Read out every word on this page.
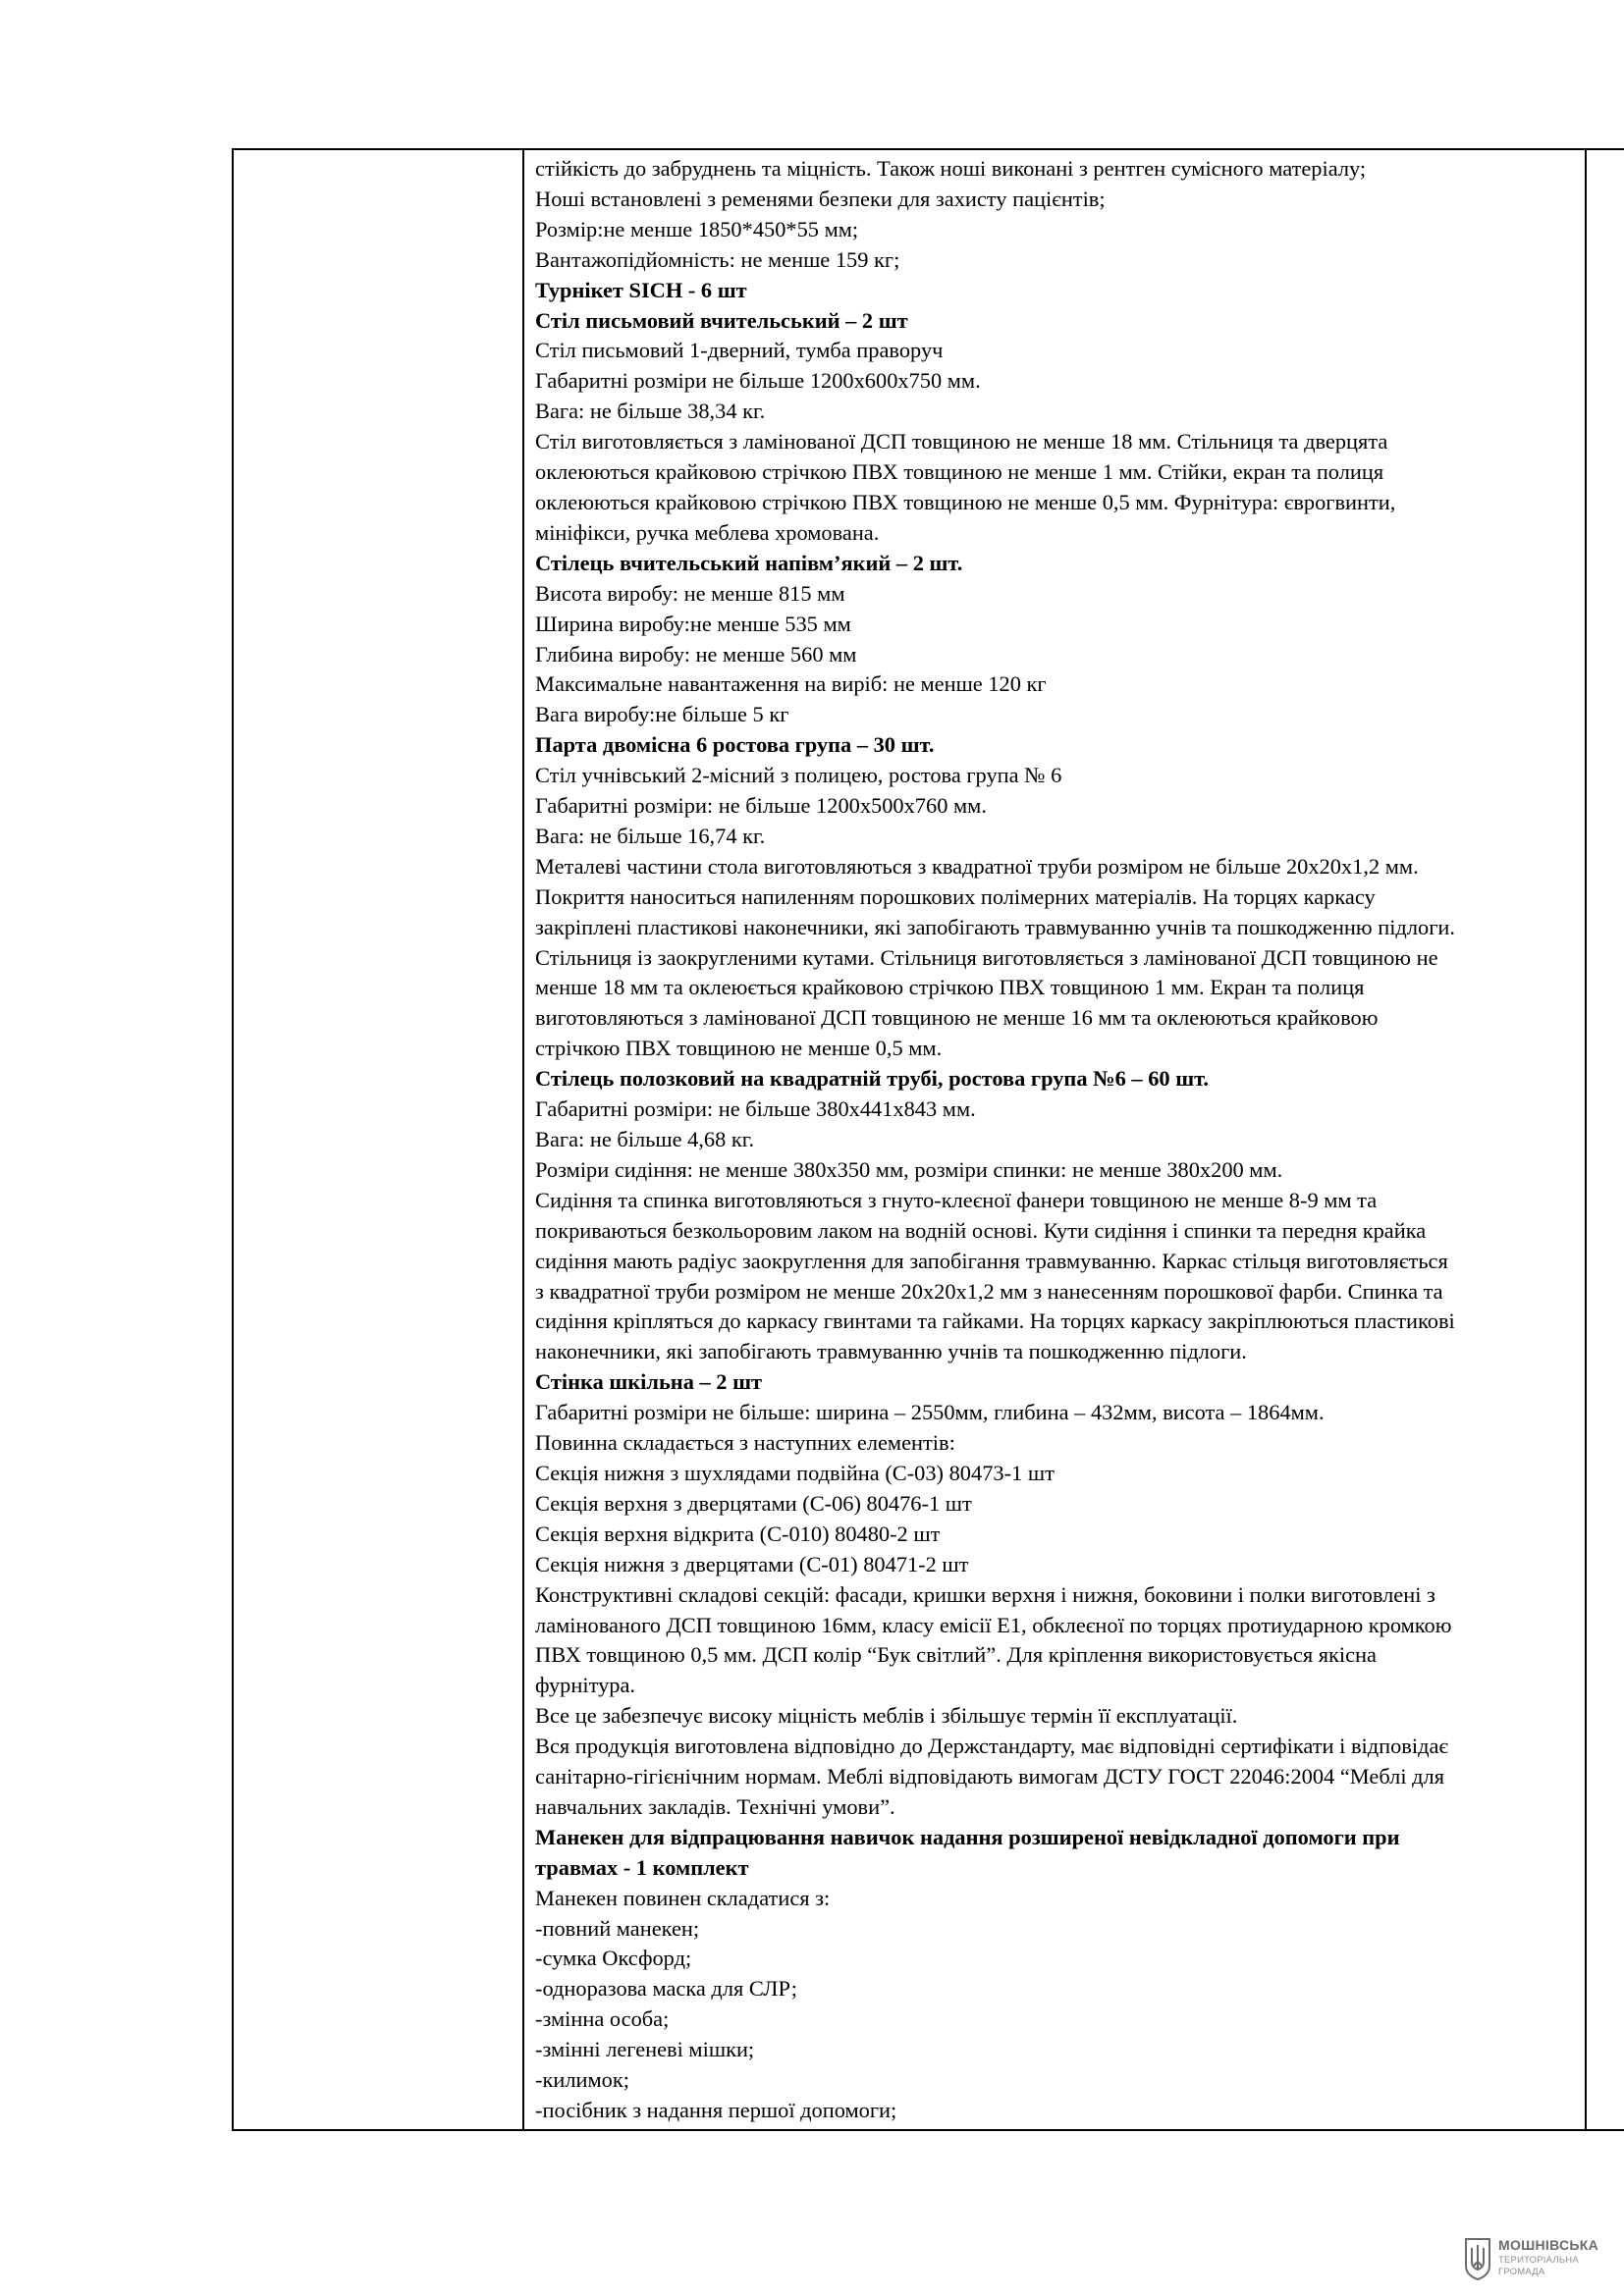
стійкість до забруднень та міцність. Також ноші виконані з рентген сумісного матеріалу;
Ноші встановлені з ременями безпеки для захисту пацієнтів;
Розмір:не менше 1850*450*55 мм;
Вантажопідйомність: не менше 159 кг;
Турнікет SICH - 6 шт
Стіл письмовий вчительський – 2 шт
Стіл письмовий 1-дверний, тумба праворуч
Габаритні розміри не більше 1200х600х750 мм.
Вага: не більше 38,34 кг.
Стіл виготовляється з ламінованої ДСП товщиною не менше 18 мм. Стільниця та дверцята
оклеюються крайковою стрічкою ПВХ товщиною не менше 1 мм. Стійки, екран та полиця
оклеюються крайковою стрічкою ПВХ товщиною не менше 0,5 мм. Фурнітура: єврогвинти,
мініфікси, ручка меблева хромована.
Стілець вчительський напівм’який – 2 шт.
Висота виробу: не менше 815 мм
Ширина виробу:не менше 535 мм
Глибина виробу: не менше 560 мм
Максимальне навантаження на виріб: не менше 120 кг
Вага виробу:не більше 5 кг
Парта двомісна 6 ростова група – 30 шт.
Стіл учнівський 2-місний з полицею, ростова група № 6
Габаритні розміри: не більше 1200х500х760 мм.
Вага: не більше 16,74 кг.
Металеві частини стола виготовляються з квадратної труби розміром не більше 20х20х1,2 мм.
Покриття наноситься напиленням порошкових полімерних матеріалів. На торцях каркасу
закріплені пластикові наконечники, які запобігають травмуванню учнів та пошкодженню підлоги.
Стільниця із заокругленими кутами. Стільниця виготовляється з ламінованої ДСП товщиною не
менше 18 мм та оклеюється крайковою стрічкою ПВХ товщиною 1 мм. Екран та полиця
виготовляються з ламінованої ДСП товщиною не менше 16 мм та оклеюються крайковою
стрічкою ПВХ товщиною не менше 0,5 мм.
Стілець полозковий на квадратній трубі, ростова група №6 – 60 шт.
Габаритні розміри: не більше 380х441х843 мм.
Вага: не більше 4,68 кг.
Розміри сидіння: не менше 380х350 мм, розміри спинки: не менше 380х200 мм.
Сидіння та спинка виготовляються з гнуто-клеєної фанери товщиною не менше 8-9 мм та
покриваються безкольоровим лаком на водній основі. Кути сидіння і спинки та передня крайка
сидіння мають радіус заокруглення для запобігання травмуванню. Каркас стільця виготовляється
з квадратної труби розміром не менше 20х20х1,2 мм з нанесенням порошкової фарби. Спинка та
сидіння кріпляться до каркасу гвинтами та гайками. На торцях каркасу закріплюються пластикові
наконечники, які запобігають травмуванню учнів та пошкодженню підлоги.
Стінка шкільна – 2 шт
Габаритні розміри не більше: ширина – 2550мм, глибина – 432мм, висота – 1864мм.
Повинна складається з наступних елементів:
Секція нижня з шухлядами подвійна (С-03) 80473-1 шт
Секція верхня з дверцятами (С-06) 80476-1 шт
Секція верхня відкрита (С-010) 80480-2 шт
Секція нижня з дверцятами (С-01) 80471-2 шт
Конструктивні складові секцій: фасади, кришки верхня і нижня, боковини і полки виготовлені з
ламінованого ДСП товщиною 16мм, класу емісії Е1, обклеєної по торцях протиударною кромкою
ПВХ товщиною 0,5 мм. ДСП колір “Бук світлий”. Для кріплення використовується якісна
фурнітура.
Все це забезпечує високу міцність меблів і збільшує термін її експлуатації.
Вся продукція виготовлена відповідно до Держстандарту, має відповідні сертифікати і відповідає
санітарно-гігієнічним нормам. Меблі відповідають вимогам ДСТУ ГОСТ 22046:2004 “Меблі для
навчальних закладів. Технічні умови”.
Манекен для відпрацювання навичок надання розширеної невідкладної допомоги при
травмах - 1 комплект
Манекен повинен складатися з:
-повний манекен;
-сумка Оксфорд;
-одноразова маска для СЛР;
-змінна особа;
-змінні легеневі мішки;
-килимок;
-посібник з надання першої допомоги;

МОШНІВСЬКА
ТЕРИТОРІАЛЬНА
ГРОМАДА
